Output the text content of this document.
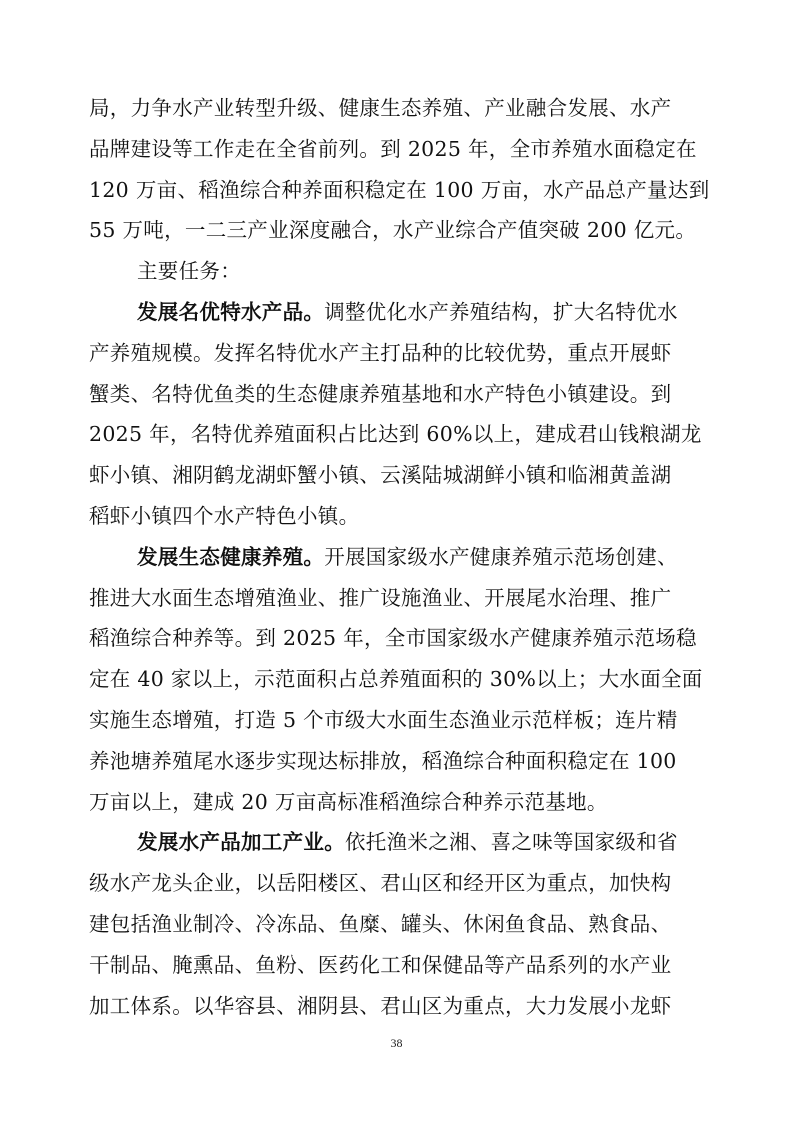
局，力争水产业转型升级、健康生态养殖、产业融合发展、水产
品牌建设等工作走在全省前列。到 2025 年，全市养殖水面稳定在
120 万亩、稻渔综合种养面积稳定在 100 万亩，水产品总产量达到
55 万吨，一二三产业深度融合，水产业综合产值突破 200 亿元。
主要任务：
发展名优特水产品。调整优化水产养殖结构，扩大名特优水
产养殖规模。发挥名特优水产主打品种的比较优势，重点开展虾
蟹类、名特优鱼类的生态健康养殖基地和水产特色小镇建设。到
2025 年，名特优养殖面积占比达到 60%以上，建成君山钱粮湖龙
虾小镇、湘阴鹤龙湖虾蟹小镇、云溪陆城湖鲜小镇和临湘黄盖湖
稻虾小镇四个水产特色小镇。
发展生态健康养殖。开展国家级水产健康养殖示范场创建、
推进大水面生态增殖渔业、推广设施渔业、开展尾水治理、推广
稻渔综合种养等。到 2025 年，全市国家级水产健康养殖示范场稳
定在 40 家以上，示范面积占总养殖面积的 30%以上；大水面全面
实施生态增殖，打造 5 个市级大水面生态渔业示范样板；连片精
养池塘养殖尾水逐步实现达标排放，稻渔综合种面积稳定在 100
万亩以上，建成 20 万亩高标准稻渔综合种养示范基地。
发展水产品加工产业。依托渔米之湘、喜之味等国家级和省
级水产龙头企业，以岳阳楼区、君山区和经开区为重点，加快构
建包括渔业制冷、冷冻品、鱼糜、罐头、休闲鱼食品、熟食品、
干制品、腌熏品、鱼粉、医药化工和保健品等产品系列的水产业
加工体系。以华容县、湘阴县、君山区为重点，大力发展小龙虾
38
